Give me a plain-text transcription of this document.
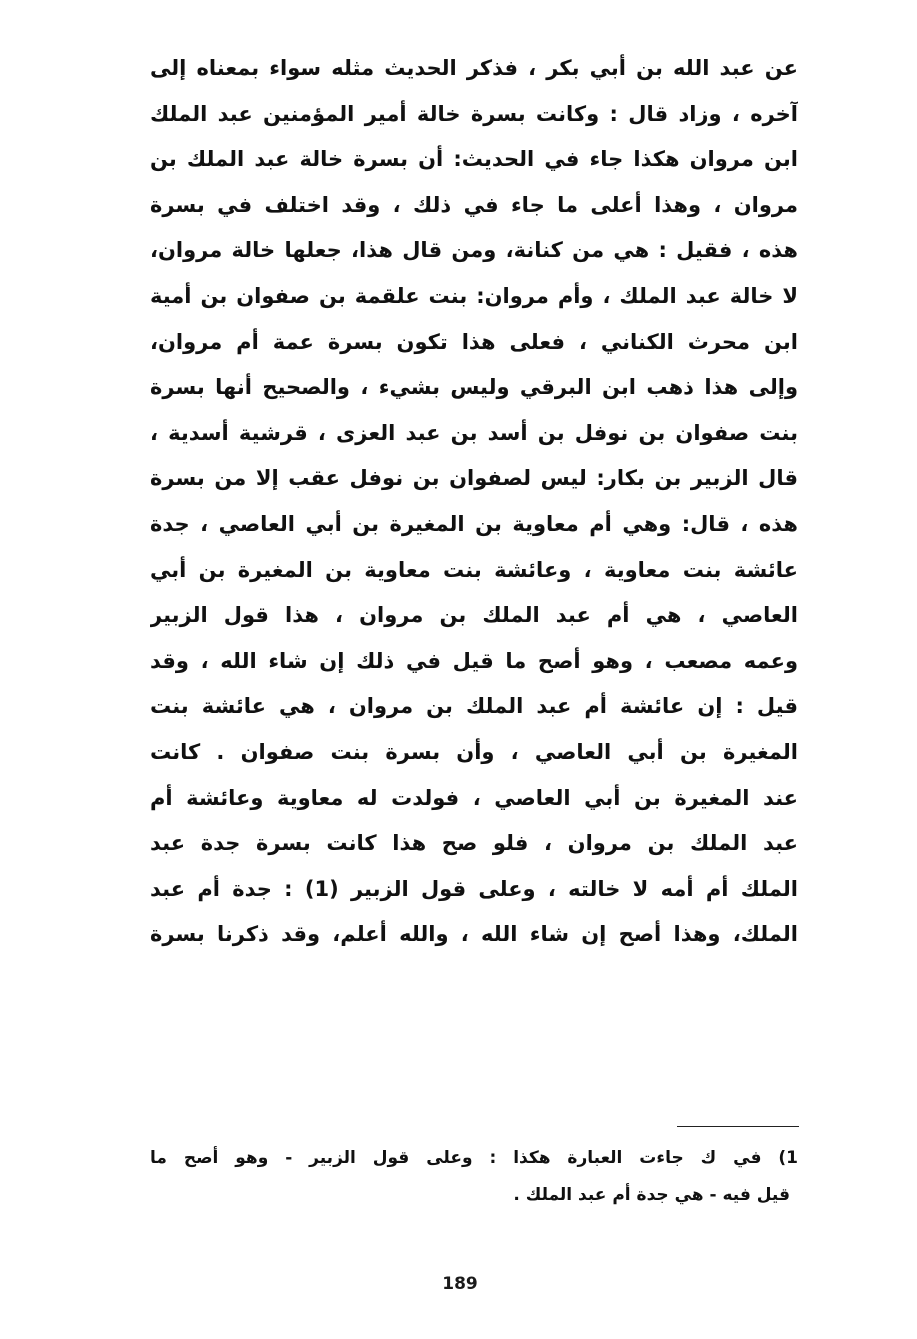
عن عبد الله بن أبي بكر ، فذكر الحديث مثله سواء بمعناه إلى
آخره ، وزاد قال : وكانت بسرة خالة أمير المؤمنين عبد الملك
ابن مروان هكذا جاء في الحديث: أن بسرة خالة عبد الملك بن
مروان ، وهذا أعلى ما جاء في ذلك ، وقد اختلف في بسرة
هذه ، فقيل : هي من كنانة، ومن قال هذا، جعلها خالة مروان،
لا خالة عبد الملك ، وأم مروان: بنت علقمة بن صفوان بن أمية
ابن محرث الكناني ، فعلى هذا تكون بسرة عمة أم مروان،
وإلى هذا ذهب ابن البرقي وليس بشيء ، والصحيح أنها بسرة
بنت صفوان بن نوفل بن أسد بن عبد العزى ، قرشية أسدية ،
قال الزبير بن بكار: ليس لصفوان بن نوفل عقب إلا من بسرة
هذه ، قال: وهي أم معاوية بن المغيرة بن أبي العاصي ، جدة
عائشة بنت معاوية ، وعائشة بنت معاوية بن المغيرة بن أبي
العاصي ، هي أم عبد الملك بن مروان ، هذا قول الزبير
وعمه مصعب ، وهو أصح ما قيل في ذلك إن شاء الله ، وقد
قيل : إن عائشة أم عبد الملك بن مروان ، هي عائشة بنت
المغيرة بن أبي العاصي ، وأن بسرة بنت صفوان . كانت
عند المغيرة بن أبي العاصي ، فولدت له معاوية وعائشة أم
عبد الملك بن مروان ، فلو صح هذا كانت بسرة جدة عبد
الملك أم أمه لا خالته ، وعلى قول الزبير (1) : جدة أم عبد
الملك، وهذا أصح إن شاء الله ، والله أعلم، وقد ذكرنا بسرة
1) في ك جاءت العبارة هكذا : وعلى قول الزبير - وهو أصح ما
قيل فيه - هي جدة أم عبد الملك .
189
